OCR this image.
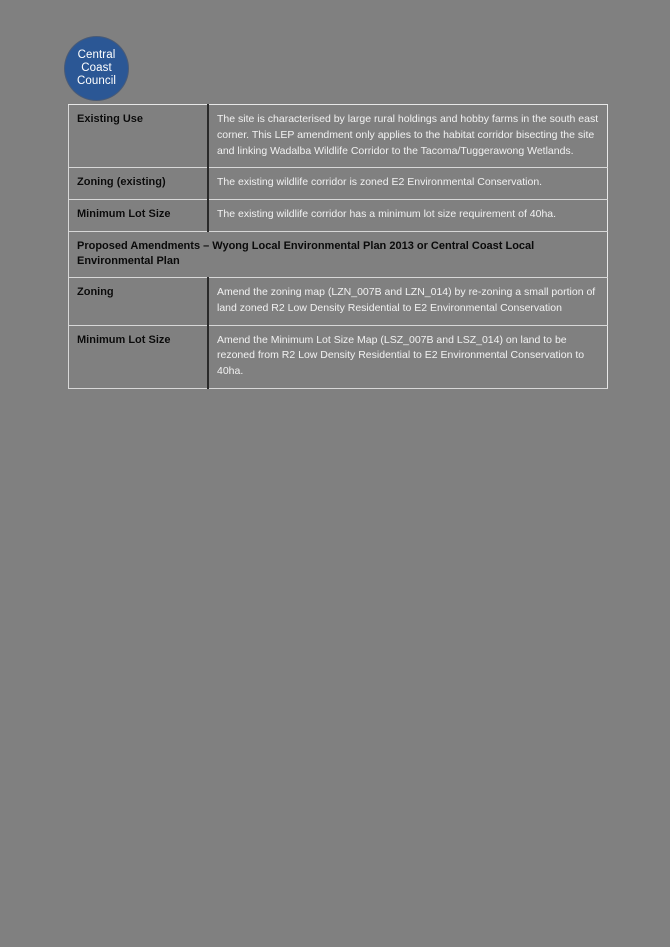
Central
Coast
Council
Existing Use	The site is characterised by large rural holdings and hobby farms in the south east corner. This LEP amendment only applies to the habitat corridor bisecting the site and linking Wadalba Wildlife Corridor to the Tacoma/Tuggerawong Wetlands.
Zoning (existing)	The existing wildlife corridor is zoned E2 Environmental Conservation.
Minimum Lot Size	The existing wildlife corridor has a minimum lot size requirement of 40ha.
Proposed Amendments – Wyong Local Environmental Plan 2013 or Central Coast Local Environmental Plan	
Zoning	Amend the zoning map (LZN_007B and LZN_014) by re-zoning a small portion of land zoned R2 Low Density Residential to E2 Environmental Conservation
Minimum Lot Size	Amend the Minimum Lot Size Map (LSZ_007B and LSZ_014) on land to be rezoned from R2 Low Density Residential to E2 Environmental Conservation to 40ha.
